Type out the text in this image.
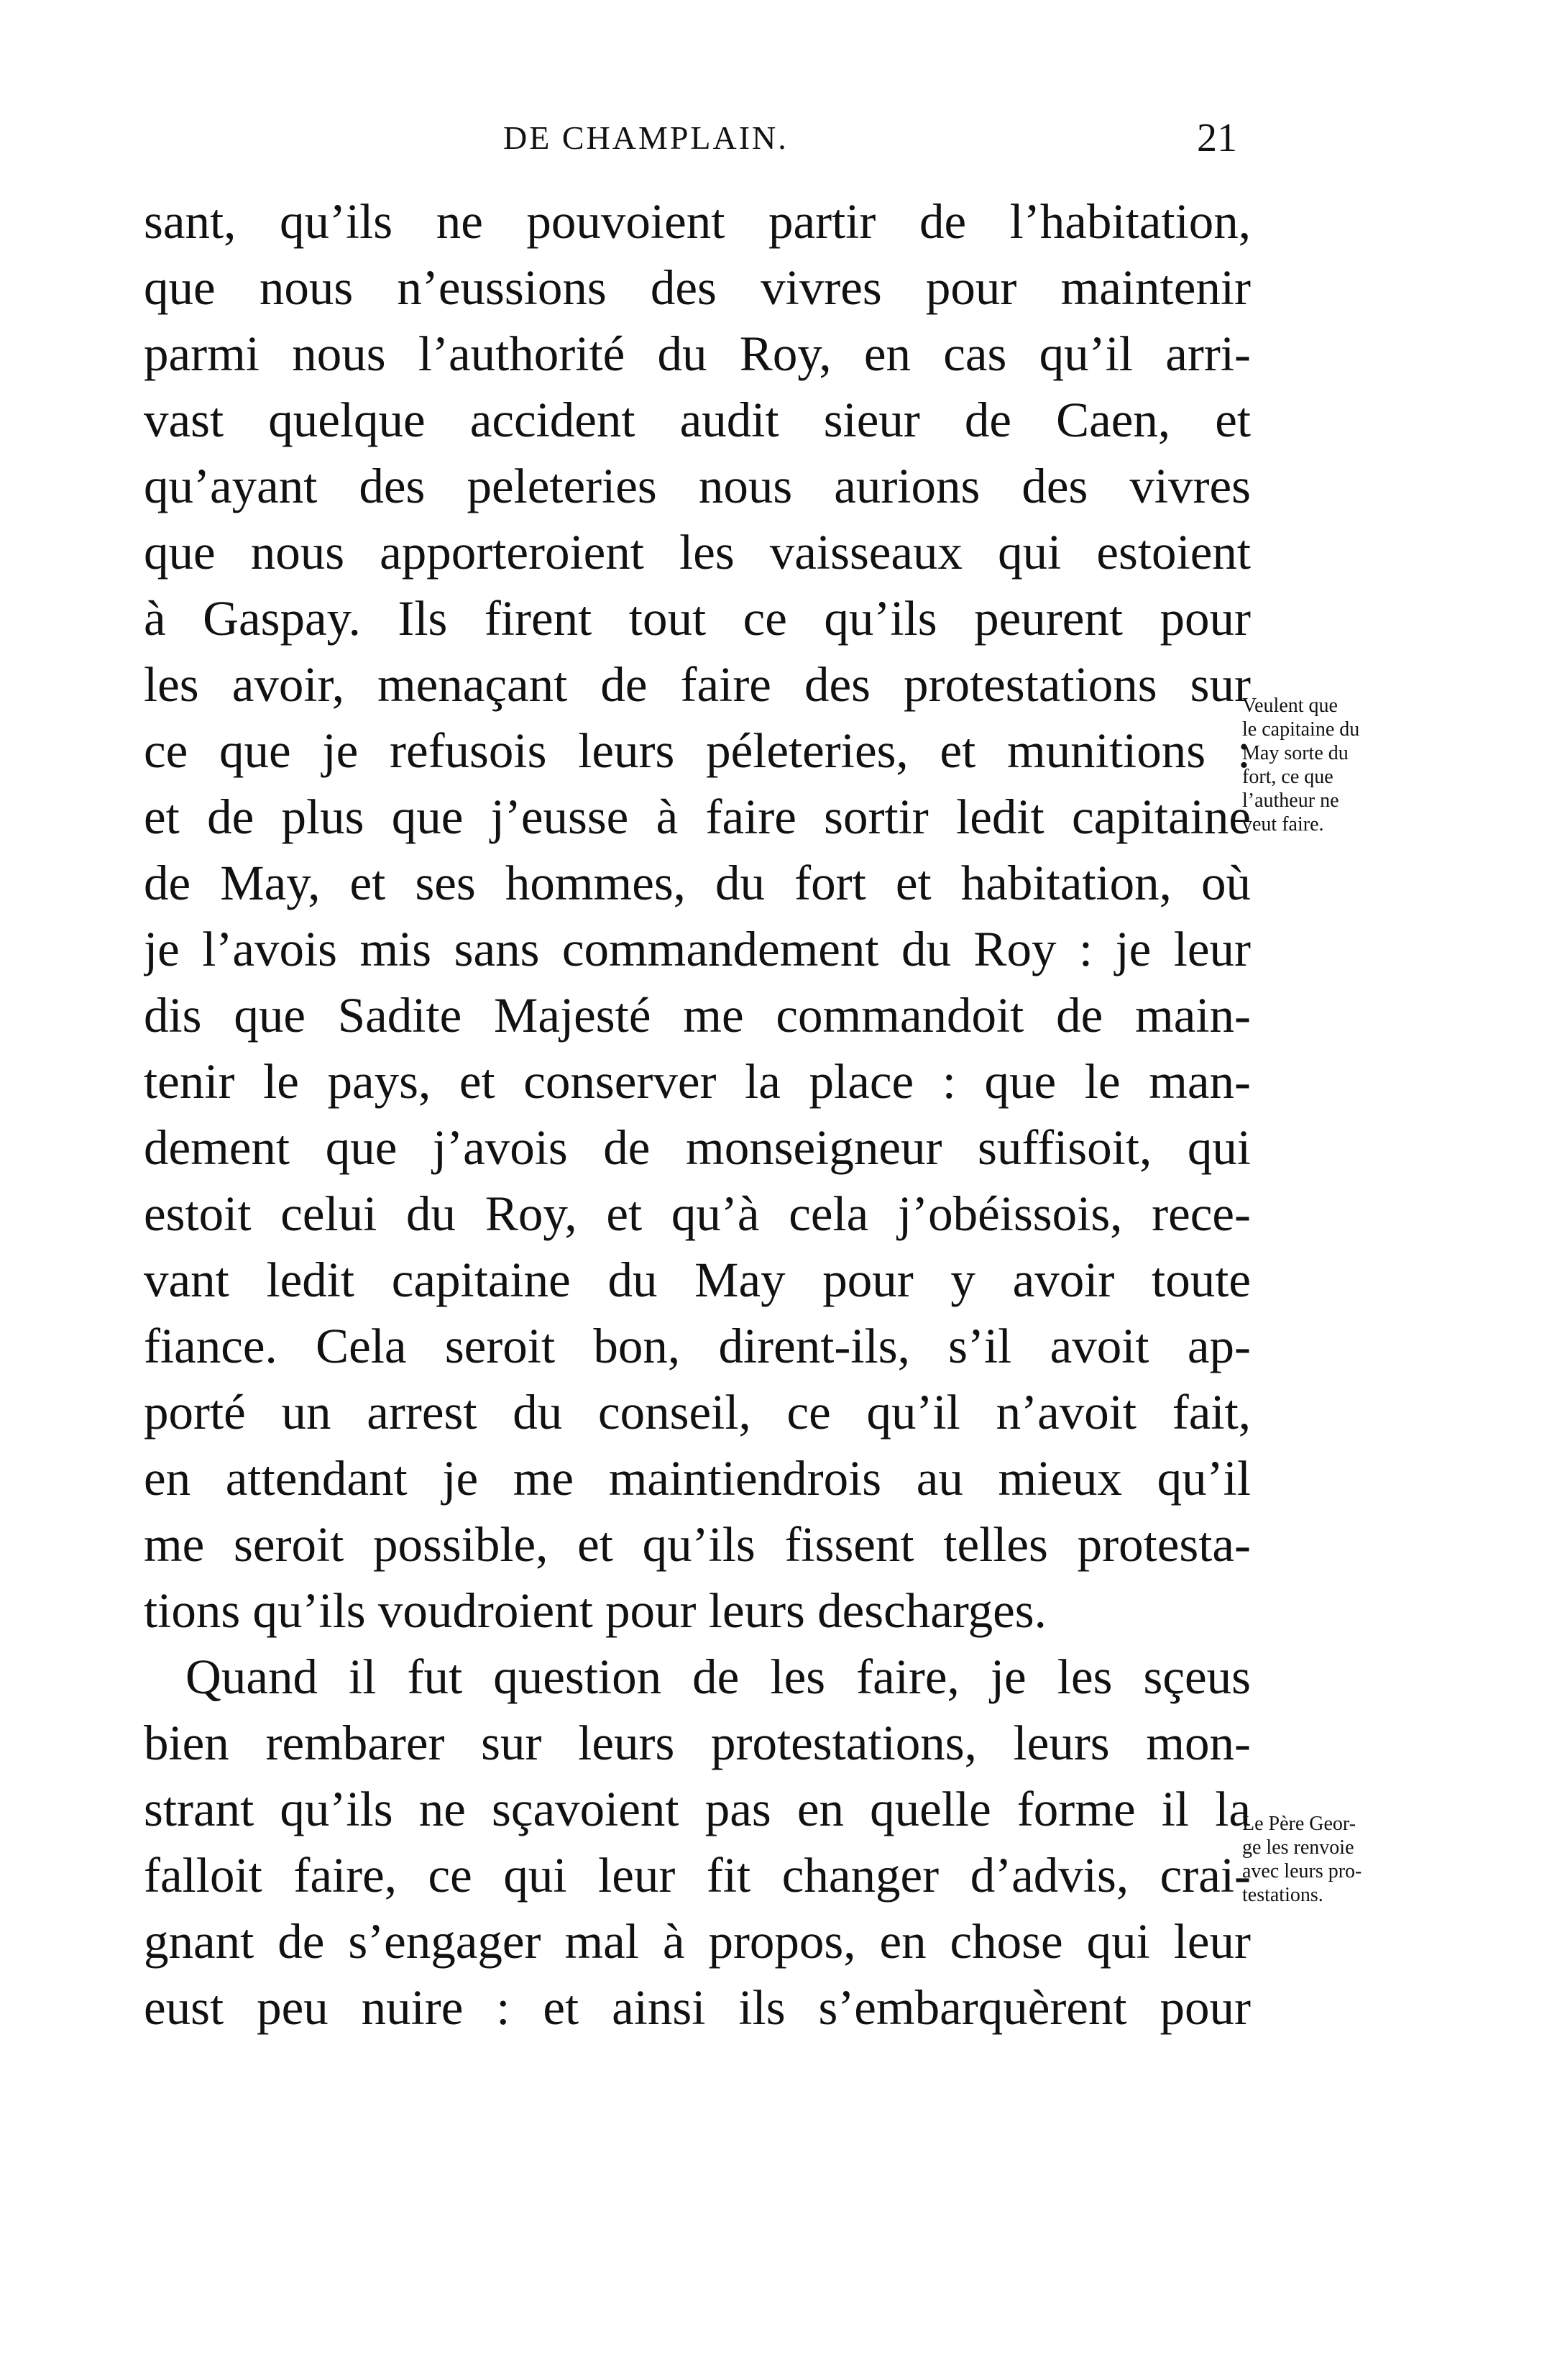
DE CHAMPLAIN.	21
sant, qu’ils ne pouvoient partir de l’habitation,
que nous n’eussions des vivres pour maintenir
parmi nous l’authorité du Roy, en cas qu’il arri-
vast quelque accident audit sieur de Caen, et
qu’ayant des peleteries nous aurions des vivres
que nous apporteroient les vaisseaux qui estoient
à Gaspay. Ils firent tout ce qu’ils peurent pour
les avoir, menaçant de faire des protestations sur
ce que je refusois leurs péleteries, et munitions :
et de plus que j’eusse à faire sortir ledit capitaine
de May, et ses hommes, du fort et habitation, où
je l’avois mis sans commandement du Roy : je leur
dis que Sadite Majesté me commandoit de main-
tenir le pays, et conserver la place : que le man-
dement que j’avois de monseigneur suffisoit, qui
estoit celui du Roy, et qu’à cela j’obéissois, rece-
vant ledit capitaine du May pour y avoir toute
fiance. Cela seroit bon, dirent-ils, s’il avoit ap-
porté un arrest du conseil, ce qu’il n’avoit fait,
en attendant je me maintiendrois au mieux qu’il
me seroit possible, et qu’ils fissent telles protesta-
tions qu’ils voudroient pour leurs descharges.
Quand il fut question de les faire, je les sçeus
bien rembarer sur leurs protestations, leurs mon-
strant qu’ils ne sçavoient pas en quelle forme il la
falloit faire, ce qui leur fit changer d’advis, crai-
gnant de s’engager mal à propos, en chose qui leur
eust peu nuire : et ainsi ils s’embarquèrent pour
Veulent que
le capitaine du
May sorte du
fort, ce que
l’autheur ne
veut faire.
Le Père Geor-
ge les renvoie
avec leurs pro-
testations.
